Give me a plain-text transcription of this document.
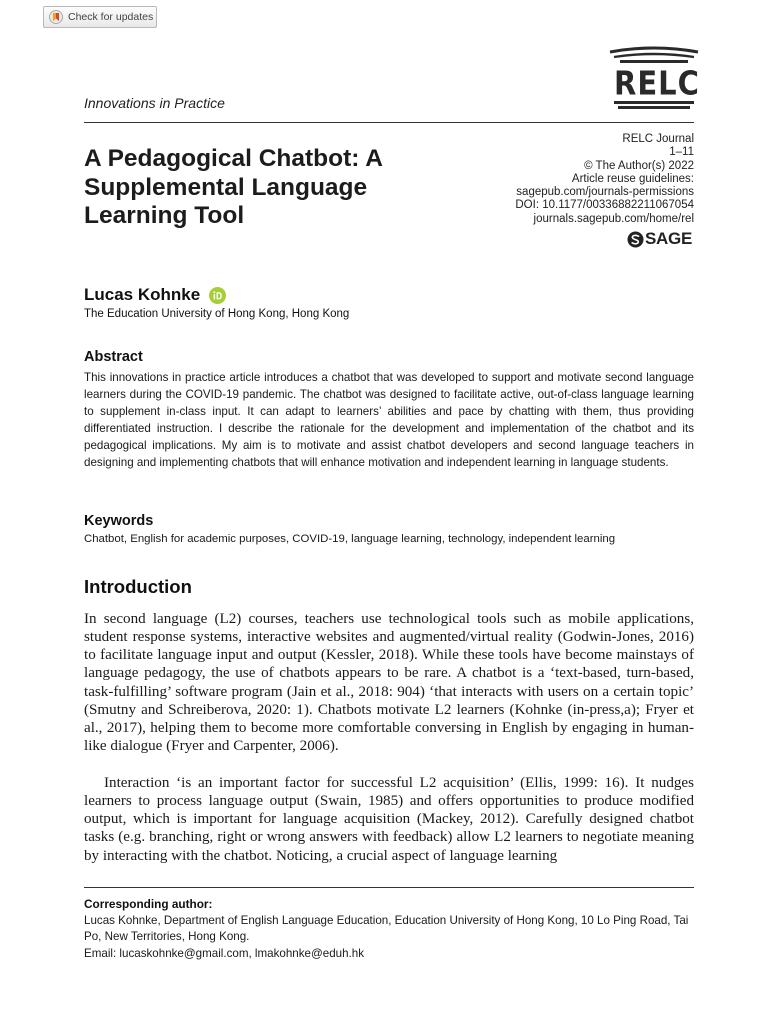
Check for updates
RELC
Innovations in Practice
RELC Journal
1–11
© The Author(s) 2022
Article reuse guidelines:
sagepub.com/journals-permissions
DOI: 10.1177/00336882211067054
journals.sagepub.com/home/rel
SAGE
A Pedagogical Chatbot: A Supplemental Language Learning Tool
Lucas Kohnke
The Education University of Hong Kong, Hong Kong
Abstract

This innovations in practice article introduces a chatbot that was developed to support and motivate second language learners during the COVID-19 pandemic. The chatbot was designed to facilitate active, out-of-class language learning to supplement in-class input. It can adapt to learners’ abilities and pace by chatting with them, thus providing differentiated instruction. I describe the rationale for the development and implementation of the chatbot and its pedagogical implications. My aim is to motivate and assist chatbot developers and second language teachers in designing and implementing chatbots that will enhance motivation and independent learning in language students.

Keywords

Chatbot, English for academic purposes, COVID-19, language learning, technology, independent learning

Introduction

In second language (L2) courses, teachers use technological tools such as mobile applications, student response systems, interactive websites and augmented/virtual reality (Godwin-Jones, 2016) to facilitate language input and output (Kessler, 2018). While these tools have become mainstays of language pedagogy, the use of chatbots appears to be rare. A chatbot is a ‘text-based, turn-based, task-fulfilling’ software program (Jain et al., 2018: 904) ‘that interacts with users on a certain topic’ (Smutny and Schreiberova, 2020: 1). Chatbots motivate L2 learners (Kohnke (in-press,a); Fryer et al., 2017), helping them to become more comfortable conversing in English by engaging in human-like dialogue (Fryer and Carpenter, 2006).

Interaction ‘is an important factor for successful L2 acquisition’ (Ellis, 1999: 16). It nudges learners to process language output (Swain, 1985) and offers opportunities to produce modified output, which is important for language acquisition (Mackey, 2012). Carefully designed chatbot tasks (e.g. branching, right or wrong answers with feedback) allow L2 learners to negotiate meaning by interacting with the chatbot. Noticing, a crucial aspect of language learning

Corresponding author:
Lucas Kohnke, Department of English Language Education, Education University of Hong Kong, 10 Lo Ping Road, Tai Po, New Territories, Hong Kong.
Email: lucaskohnke@gmail.com, lmakohnke@eduh.hk
